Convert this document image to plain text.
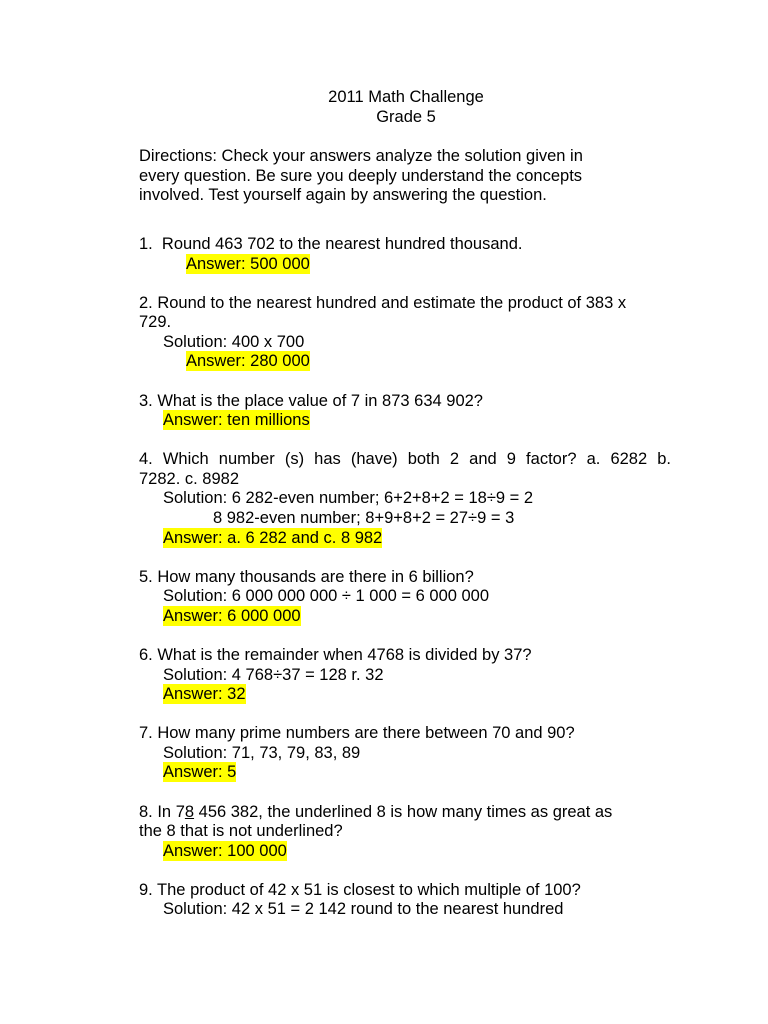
2011 Math Challenge
Grade 5
Directions: Check your answers analyze the solution given in
every question. Be sure you deeply understand the concepts
involved. Test yourself again by answering the question.
1.  Round 463 702 to the nearest hundred thousand.
Answer: 500 000
2. Round to the nearest hundred and estimate the product of 383 x
729.
Solution: 400 x 700
Answer: 280 000
3. What is the place value of 7 in 873 634 902?
Answer: ten millions
4. Which number (s) has (have) both 2 and 9 factor? a. 6282 b.
7282. c. 8982
Solution: 6 282-even number; 6+2+8+2 = 18÷9 = 2
8 982-even number; 8+9+8+2 = 27÷9 = 3
Answer: a. 6 282 and c. 8 982
5. How many thousands are there in 6 billion?
Solution: 6 000 000 000 ÷ 1 000 = 6 000 000
Answer: 6 000 000
6. What is the remainder when 4768 is divided by 37?
Solution: 4 768÷37 = 128 r. 32
Answer: 32
7. How many prime numbers are there between 70 and 90?
Solution: 71, 73, 79, 83, 89
Answer: 5
8. In 78 456 382, the underlined 8 is how many times as great as
the 8 that is not underlined?
Answer: 100 000
9. The product of 42 x 51 is closest to which multiple of 100?
Solution: 42 x 51 = 2 142 round to the nearest hundred
